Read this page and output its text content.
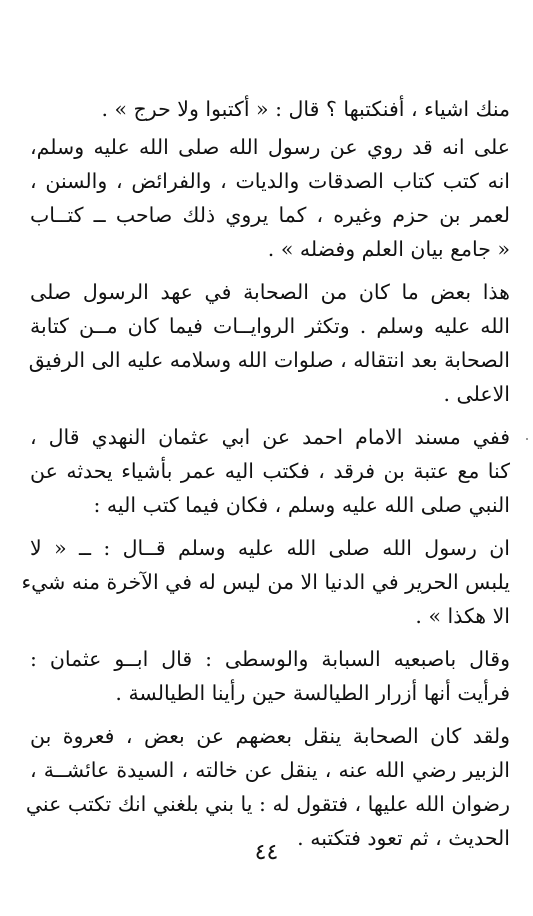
منك اشياء ، أفنكتبها ؟ قال : « أكتبوا ولا حرج » .

على انه قد روي عن رسول الله صلى الله عليه وسلم،
انه كتب كتاب الصدقات والديات ، والفرائض ، والسنن ،
لعمر بن حزم وغيره ، كما يروي ذلك صاحب ــ كتــاب
« جامع بيان العلم وفضله » .

هذا بعض ما كان من الصحابة في عهد الرسول صلى
الله عليه وسلم . وتكثر الروايــات فيما كان مــن كتابة
الصحابة بعد انتقاله ، صلوات الله وسلامه عليه الى الرفيق
الاعلى .

ففي مسند الامام احمد عن ابي عثمان النهدي قال ،
كنا مع عتبة بن فرقد ، فكتب اليه عمر بأشياء يحدثه عن
النبي صلى الله عليه وسلم ، فكان فيما كتب اليه :

ان رسول الله صلى الله عليه وسلم قــال : ــ « لا
يلبس الحرير في الدنيا الا من ليس له في الآخرة منه شيء
الا هكذا » .

وقال باصبعيه السبابة والوسطى : قال ابــو عثمان :
فرأيت أنها أزرار الطيالسة حين رأينا الطيالسة .

ولقد كان الصحابة ينقل بعضهم عن بعض ، فعروة بن
الزبير رضي الله عنه ، ينقل عن خالته ، السيدة عائشــة ،
رضوان الله عليها ، فتقول له : يا بني بلغني انك تكتب عني
الحديث ، ثم تعود فتكتبه .

٤٤
